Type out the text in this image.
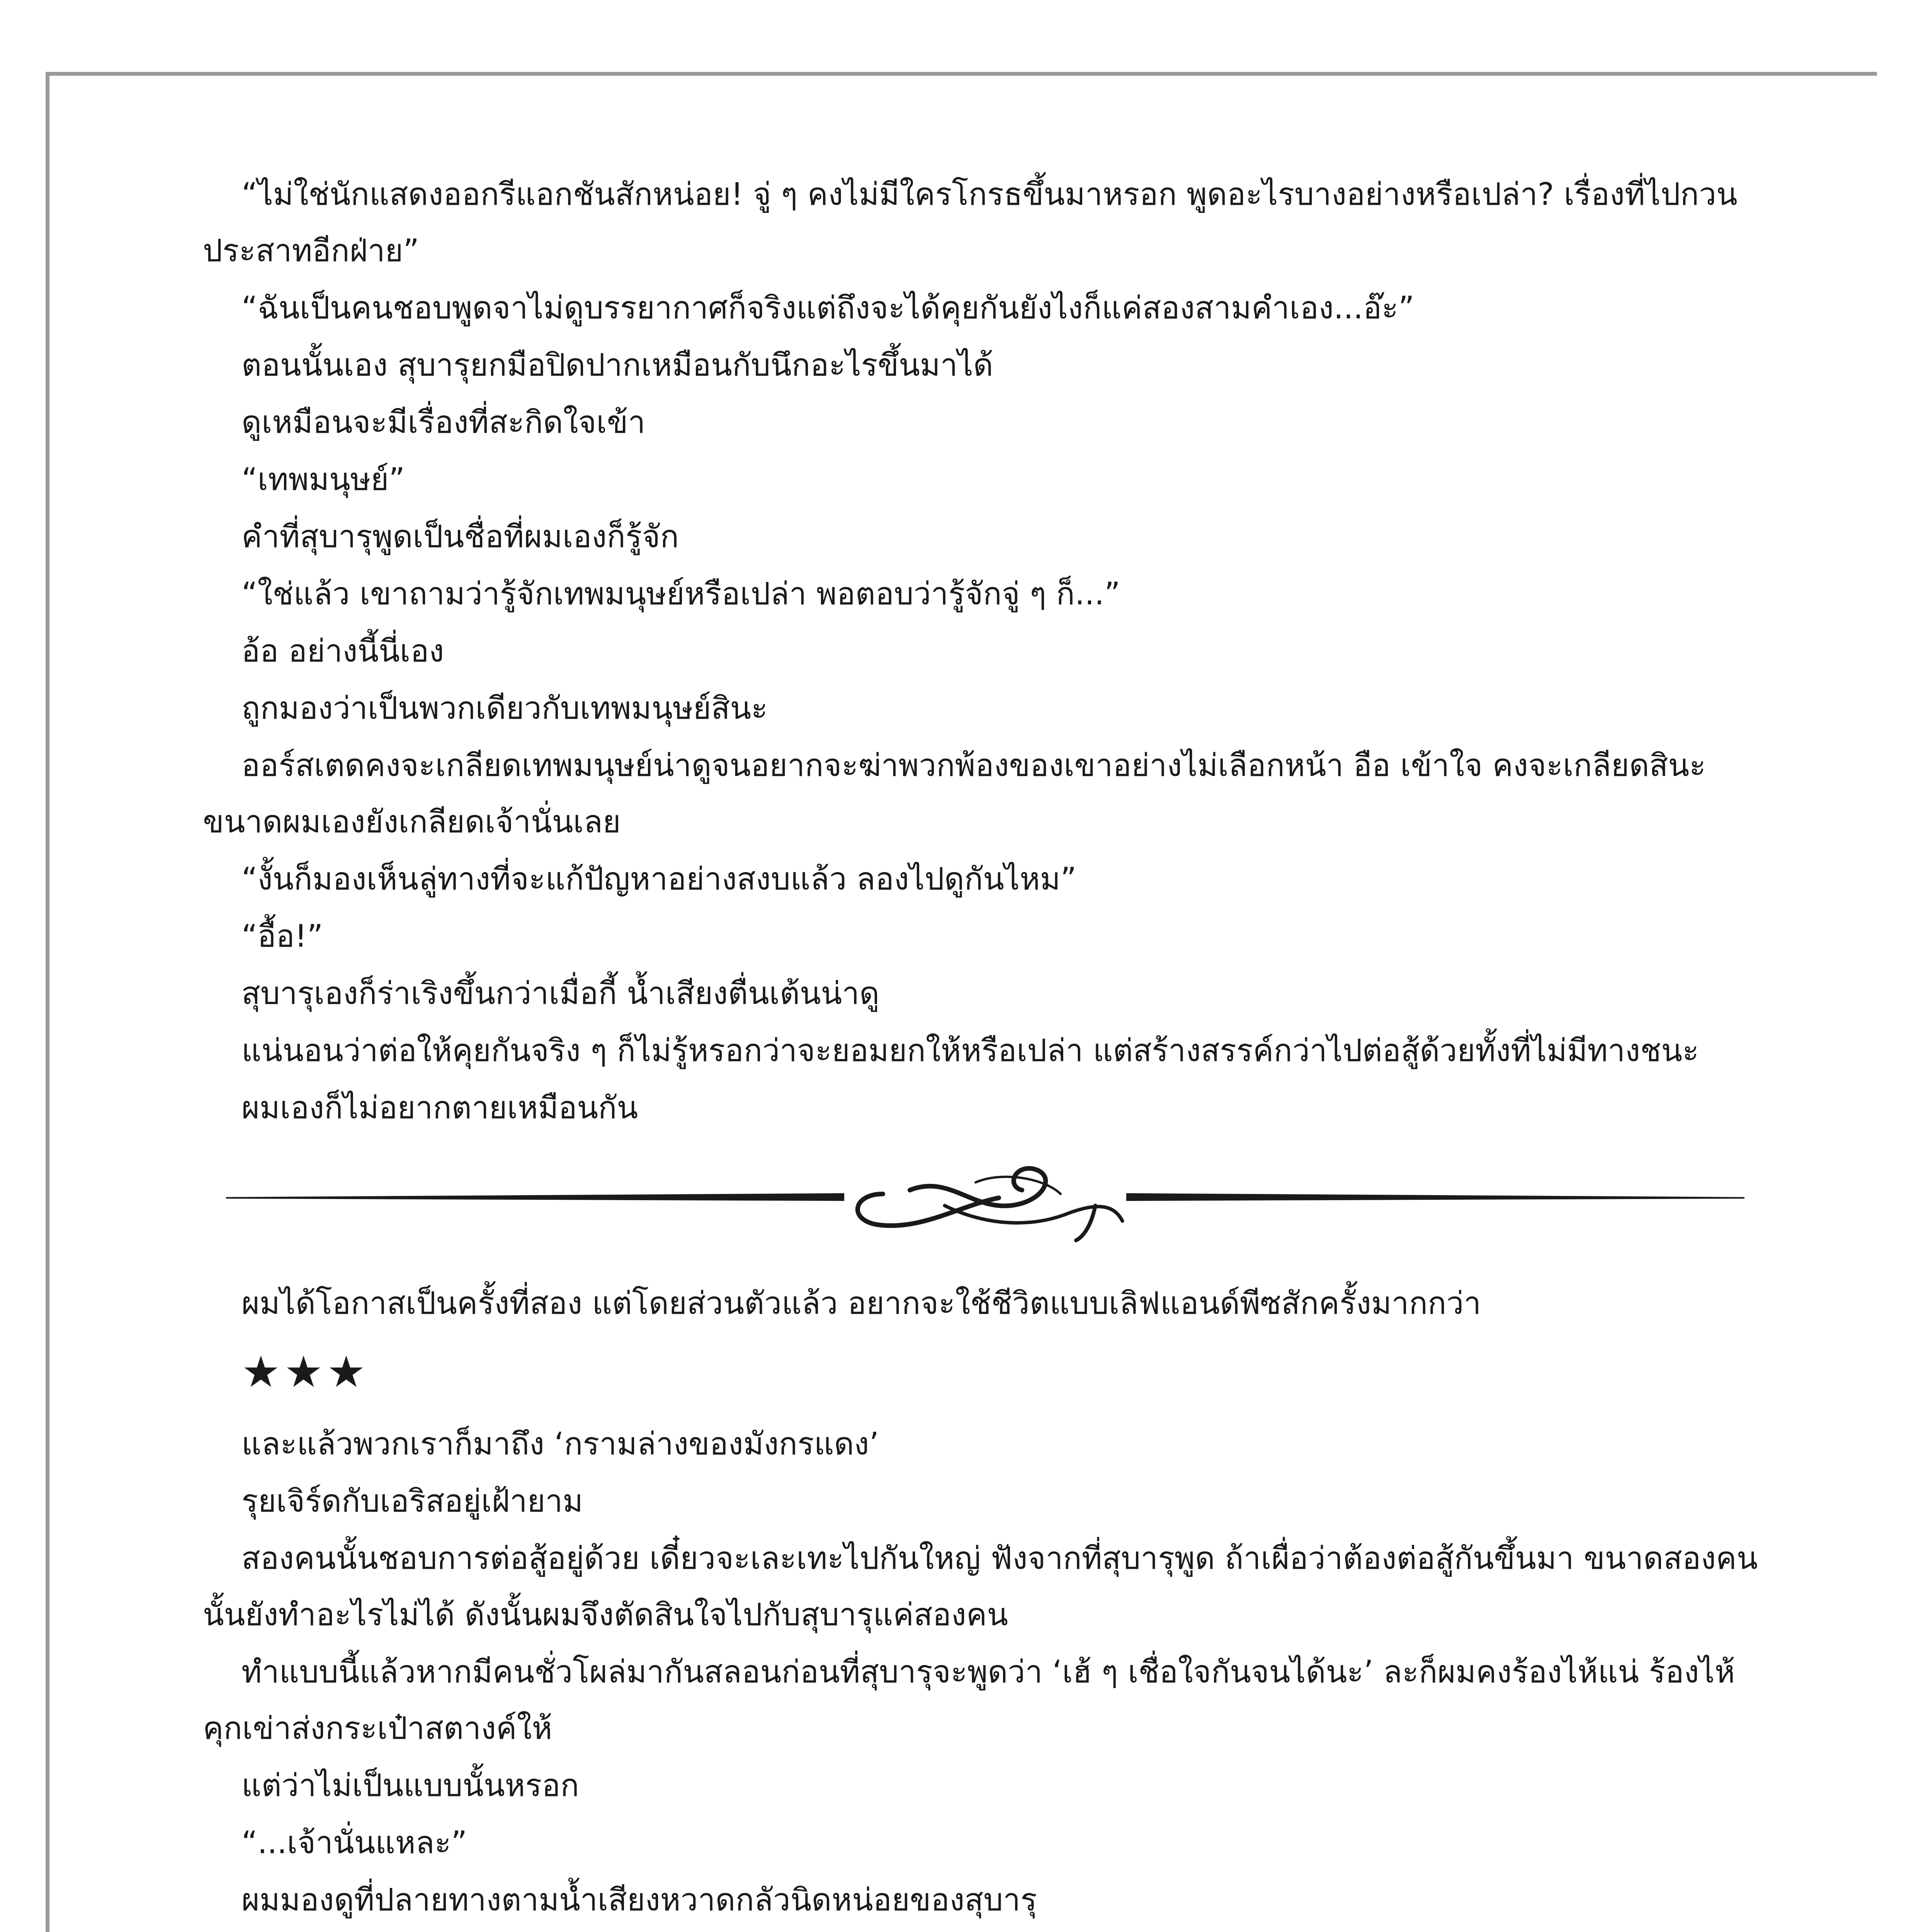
“ไม่ใช่นักแสดงออกรีแอกชันสักหน่อย! จู่ ๆ คงไม่มีใครโกรธขึ้นมาหรอก พูดอะไรบางอย่างหรือเปล่า? เรื่องที่ไปกวนประสาทอีกฝ่าย”

“ฉันเป็นคนชอบพูดจาไม่ดูบรรยากาศก็จริงแต่ถึงจะได้คุยกันยังไงก็แค่สองสามคำเอง...อ๊ะ”

ตอนนั้นเอง สุบารุยกมือปิดปากเหมือนกับนึกอะไรขึ้นมาได้

ดูเหมือนจะมีเรื่องที่สะกิดใจเข้า

“เทพมนุษย์”

คำที่สุบารุพูดเป็นชื่อที่ผมเองก็รู้จัก

“ใช่แล้ว เขาถามว่ารู้จักเทพมนุษย์หรือเปล่า พอตอบว่ารู้จักจู่ ๆ ก็...”

อ้อ อย่างนี้นี่เอง

ถูกมองว่าเป็นพวกเดียวกับเทพมนุษย์สินะ

ออร์สเตดคงจะเกลียดเทพมนุษย์น่าดูจนอยากจะฆ่าพวกพ้องของเขาอย่างไม่เลือกหน้า อือ เข้าใจ คงจะเกลียดสินะ ขนาดผมเองยังเกลียดเจ้านั่นเลย

“งั้นก็มองเห็นลู่ทางที่จะแก้ปัญหาอย่างสงบแล้ว ลองไปดูกันไหม”

“อื้อ!”

สุบารุเองก็ร่าเริงขึ้นกว่าเมื่อกี้ น้ำเสียงตื่นเต้นน่าดู

แน่นอนว่าต่อให้คุยกันจริง ๆ ก็ไม่รู้หรอกว่าจะยอมยกให้หรือเปล่า แต่สร้างสรรค์กว่าไปต่อสู้ด้วยทั้งที่ไม่มีทางชนะ

ผมเองก็ไม่อยากตายเหมือนกัน

ผมได้โอกาสเป็นครั้งที่สอง แต่โดยส่วนตัวแล้ว อยากจะใช้ชีวิตแบบเลิฟแอนด์พีซสักครั้งมากกว่า

★★★

และแล้วพวกเราก็มาถึง ‘กรามล่างของมังกรแดง’

รุยเจิร์ดกับเอริสอยู่เฝ้ายาม

สองคนนั้นชอบการต่อสู้อยู่ด้วย เดี๋ยวจะเละเทะไปกันใหญ่ ฟังจากที่สุบารุพูด ถ้าเผื่อว่าต้องต่อสู้กันขึ้นมา ขนาดสองคนนั้นยังทำอะไรไม่ได้ ดังนั้นผมจึงตัดสินใจไปกับสุบารุแค่สองคน

ทำแบบนี้แล้วหากมีคนชั่วโผล่มากันสลอนก่อนที่สุบารุจะพูดว่า ‘เฮ้ ๆ เชื่อใจกันจนได้นะ’ ละก็ผมคงร้องไห้แน่ ร้องไห้คุกเข่าส่งกระเป๋าสตางค์ให้

แต่ว่าไม่เป็นแบบนั้นหรอก

“...เจ้านั่นแหละ”

ผมมองดูที่ปลายทางตามน้ำเสียงหวาดกลัวนิดหน่อยของสุบารุ
